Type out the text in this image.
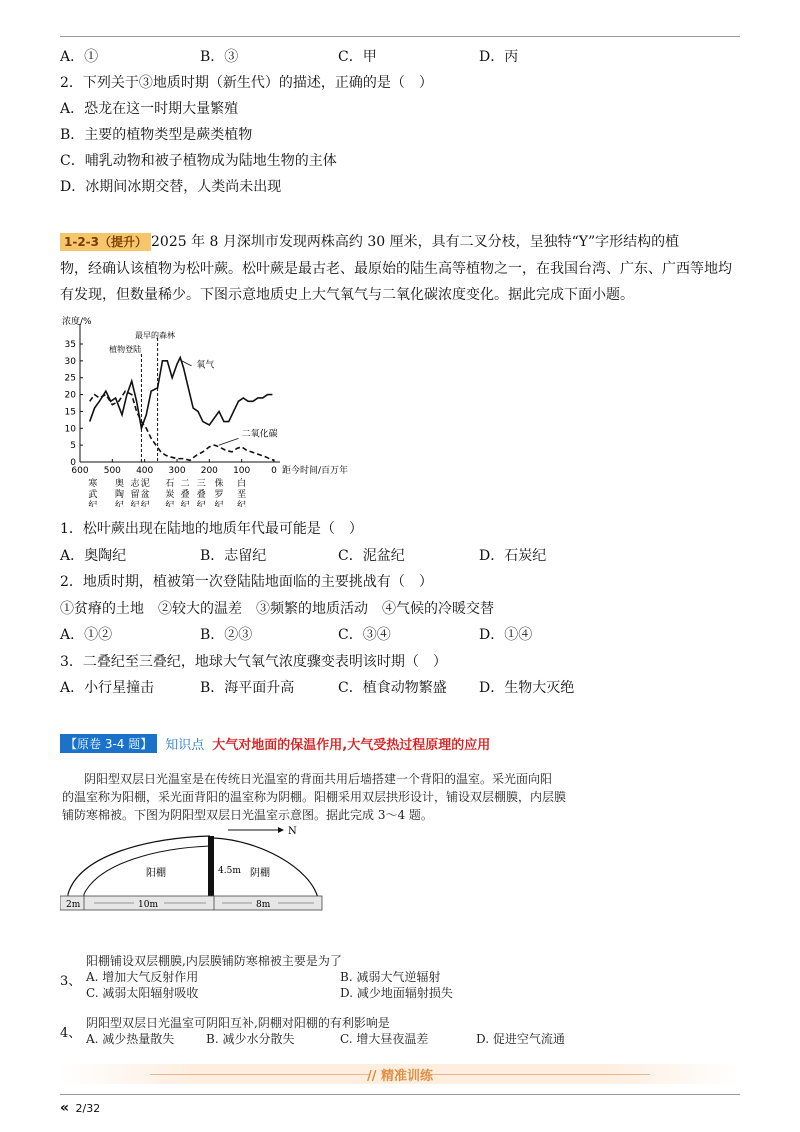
A．①	B．③	C．甲	D．丙
2．下列关于③地质时期（新生代）的描述，正确的是（　）
A．恐龙在这一时期大量繁殖
B．主要的植物类型是蕨类植物
C．哺乳动物和被子植物成为陆地生物的主体
D．冰期间冰期交替，人类尚未出现
1-2-3（提升） 2025 年 8 月深圳市发现两株高约 30 厘米，具有二叉分枝，呈独特“Y”字形结构的植
物，经确认该植物为松叶蕨。松叶蕨是最古老、最原始的陆生高等植物之一，在我国台湾、广东、广西等地均
有发现，但数量稀少。下图示意地质史上大气氧气与二氧化碳浓度变化。据此完成下面小题。
浓度/%
0
5
10
15
20
25
30
35
600 500 400 300 200 100 0 距今时间/百万年
最早的森林
植物登陆
氧气
二氧化碳
寒
武
纪
奥
陶
纪
志
留
纪
泥
盆
纪
石
炭
纪
二
叠
纪
三
叠
纪
侏
罗
纪
白
垩
纪
1．松叶蕨出现在陆地的地质年代最可能是（　）
A．奥陶纪	B．志留纪	C．泥盆纪	D．石炭纪
2．地质时期，植被第一次登陆陆地面临的主要挑战有（　）
①贫瘠的土地　②较大的温差　③频繁的地质活动　④气候的冷暖交替
A．①②	B．②③	C．③④	D．①④
3．二叠纪至三叠纪，地球大气氧气浓度骤变表明该时期（　）
A．小行星撞击	B．海平面升高	C．植食动物繁盛 D．生物大灭绝
【原卷 3-4 题】	知识点 大气对地面的保温作用,大气受热过程原理的应用
阴阳型双层日光温室是在传统日光温室的背面共用后墙搭建一个背阳的温室。采光面向阳
的温室称为阳棚，采光面背阳的温室称为阴棚。阳棚采用双层拱形设计，铺设双层棚膜，内层膜
铺防寒棉被。下图为阴阳型双层日光温室示意图。据此完成 3～4 题。
N
4.5m
阳棚	阴棚
2m	10m	8m
阳棚铺设双层棚膜,内层膜铺防寒棉被主要是为了
3、 A. 增加大气反射作用	B. 减弱大气逆辐射
C. 减弱太阳辐射吸收	D. 减少地面辐射损失
阴阳型双层日光温室可阴阳互补,阴棚对阳棚的有利影响是
4、 A. 减少热量散失	B. 减少水分散失	C. 增大昼夜温差	D. 促进空气流通
// 精准训练
« 2/32
